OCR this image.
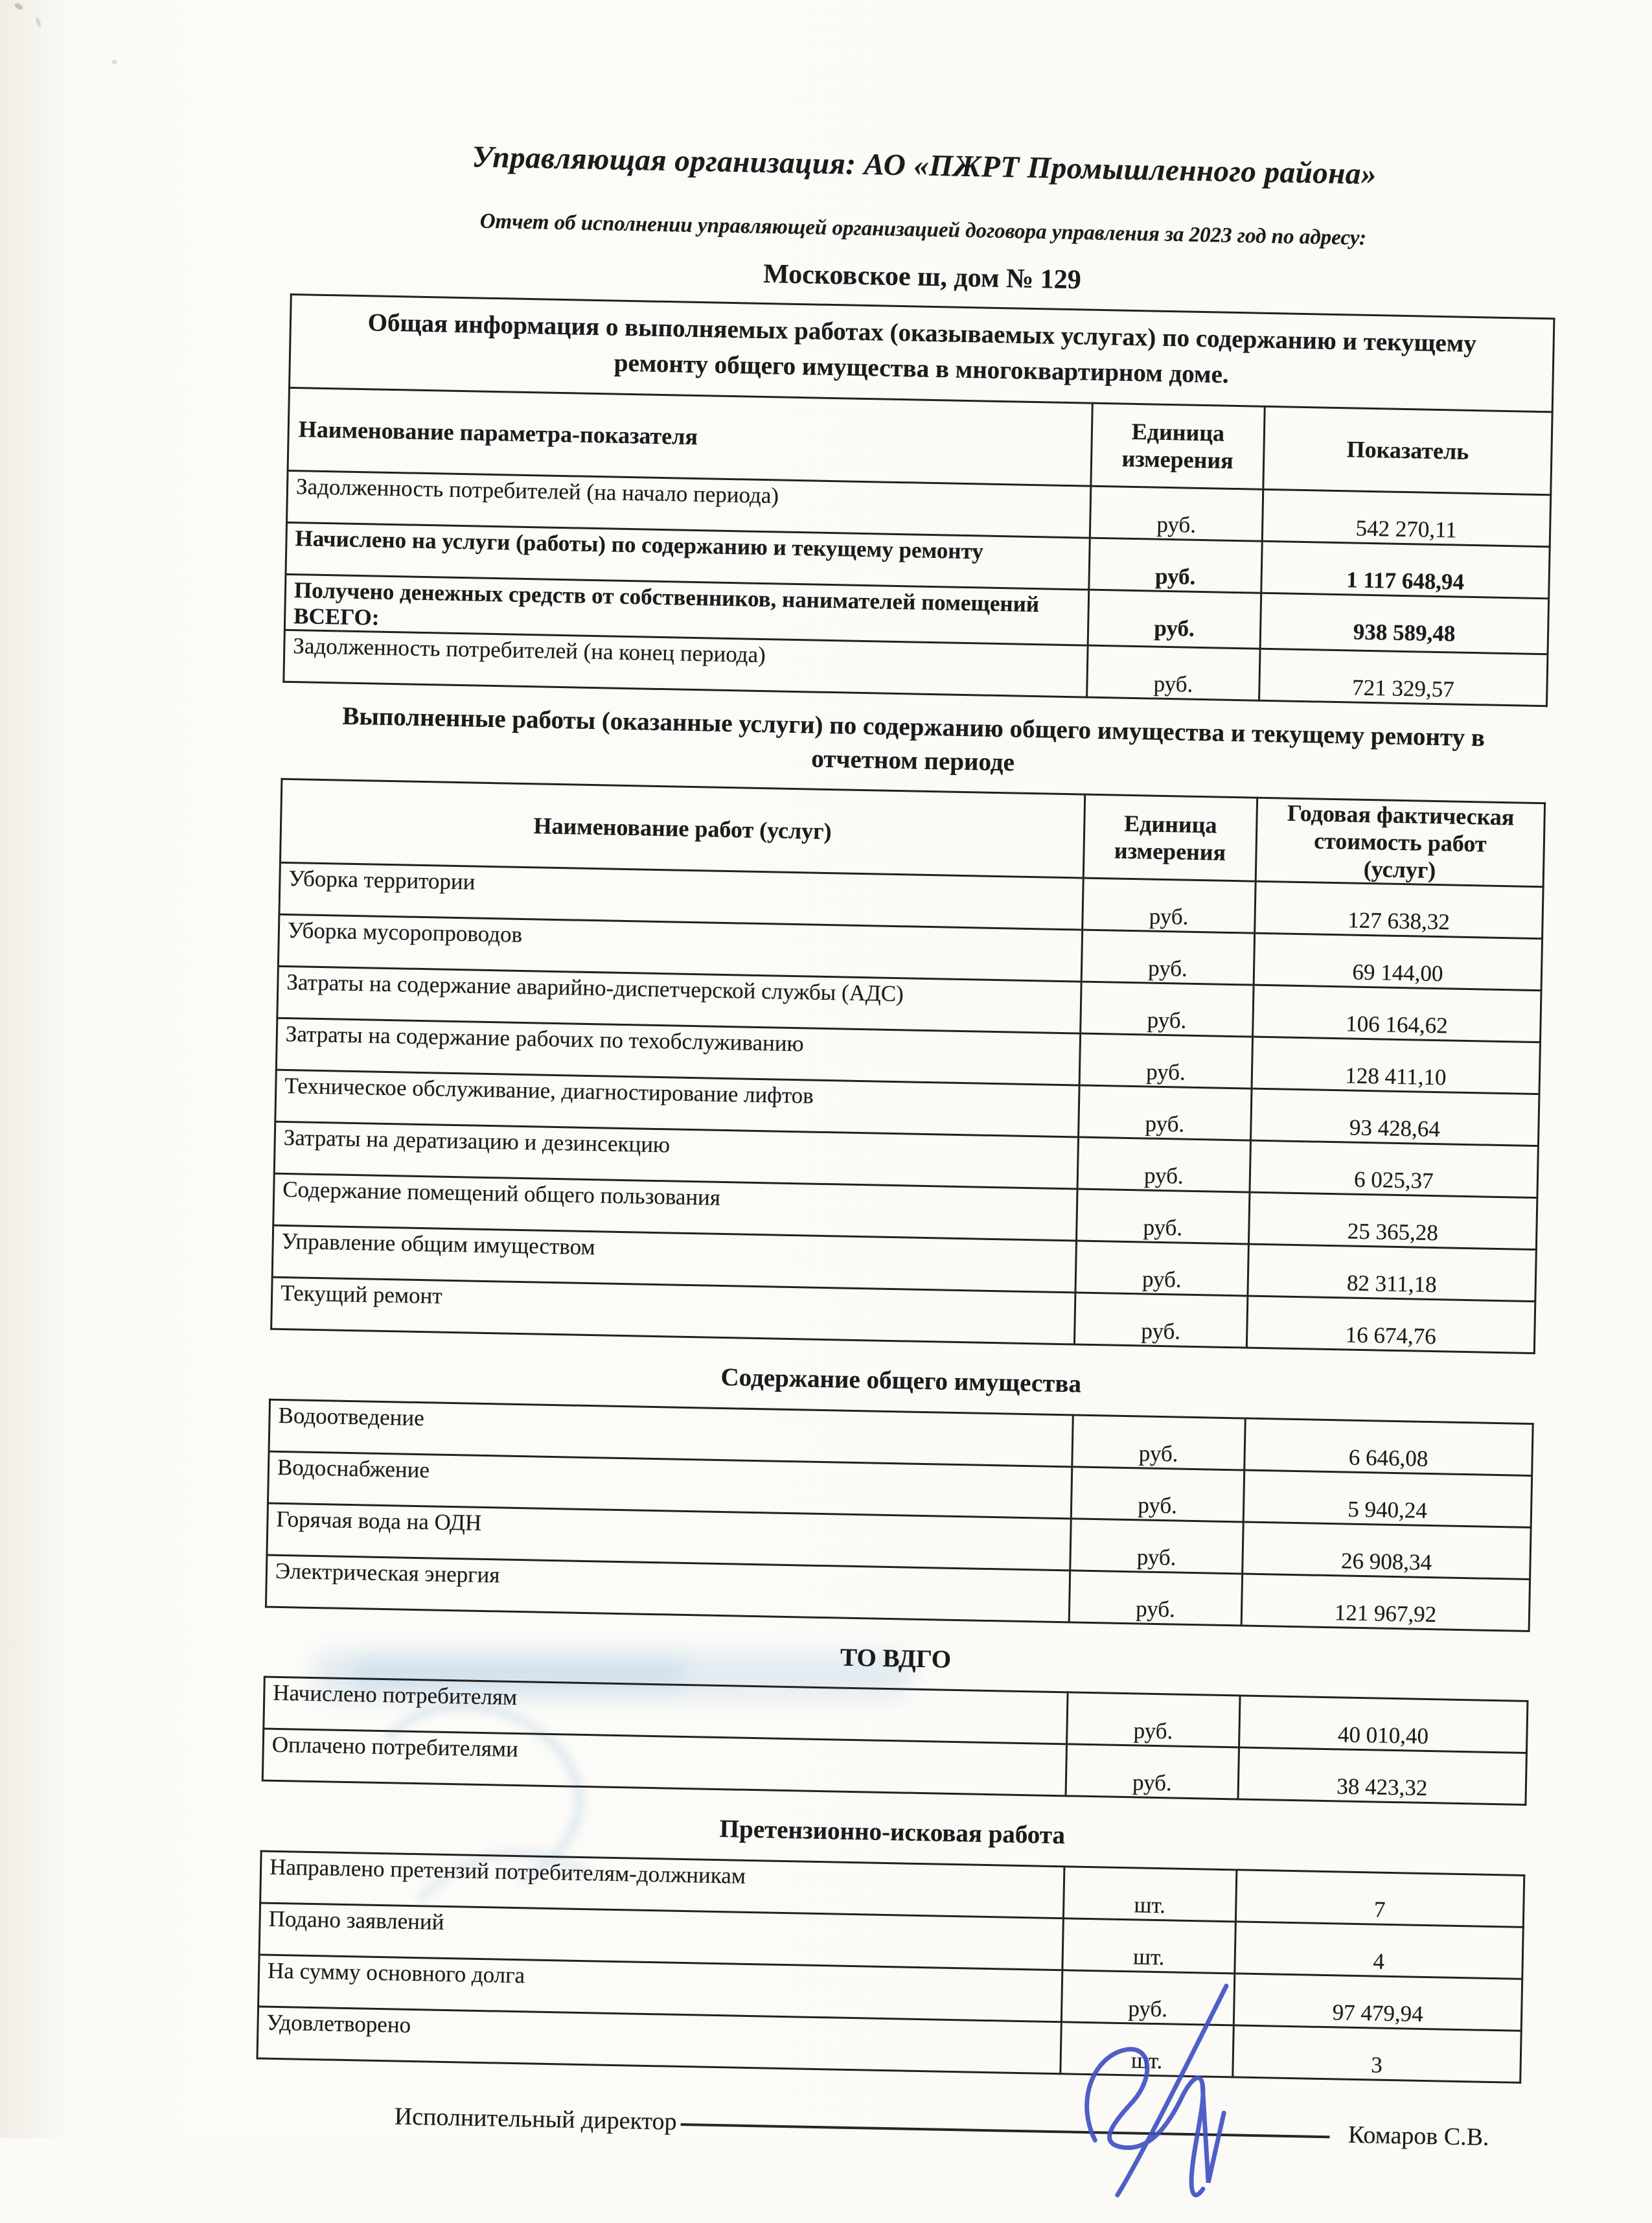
Управляющая организация: АО «ПЖРТ Промышленного района»
Отчет об исполнении управляющей организацией договора управления за 2023 год по адресу:
Московское ш, дом № 129
Общая информация о выполняемых работах (оказываемых услугах) по содержанию и текущему ремонту общего имущества в многоквартирном доме.		
Наименование параметра-показателя	Единица измерения	Показатель
Задолженность потребителей (на начало периода)	руб.	542 270,11
Начислено на услуги (работы) по содержанию и текущему ремонту	руб.	1 117 648,94
Получено денежных средств от собственников, нанимателей помещений ВСЕГО:	руб.	938 589,48
Задолженность потребителей (на конец периода)	руб.	721 329,57
Выполненные работы (оказанные услуги) по содержанию общего имущества и текущему ремонту в отчетном периоде
Наименование работ (услуг)	Единица измерения	Годовая фактическая стоимость работ (услуг)
Уборка территории	руб.	127 638,32
Уборка мусоропроводов	руб.	69 144,00
Затраты на содержание аварийно-диспетчерской службы (АДС)	руб.	106 164,62
Затраты на содержание рабочих по техобслуживанию	руб.	128 411,10
Техническое обслуживание, диагностирование лифтов	руб.	93 428,64
Затраты на дератизацию и дезинсекцию	руб.	6 025,37
Содержание помещений общего пользования	руб.	25 365,28
Управление общим имуществом	руб.	82 311,18
Текущий ремонт	руб.	16 674,76
Содержание общего имущества
Водоотведение	руб.	6 646,08
Водоснабжение	руб.	5 940,24
Горячая вода на ОДН	руб.	26 908,34
Электрическая энергия	руб.	121 967,92
ТО ВДГО
Начислено потребителям	руб.	40 010,40
Оплачено потребителями	руб.	38 423,32
Претензионно-исковая работа
Направлено претензий потребителям-должникам	шт.	7
Подано заявлений	шт.	4
На сумму основного долга	руб.	97 479,94
Удовлетворено	шт.	3
Исполнительный директор
Комаров С.В.
